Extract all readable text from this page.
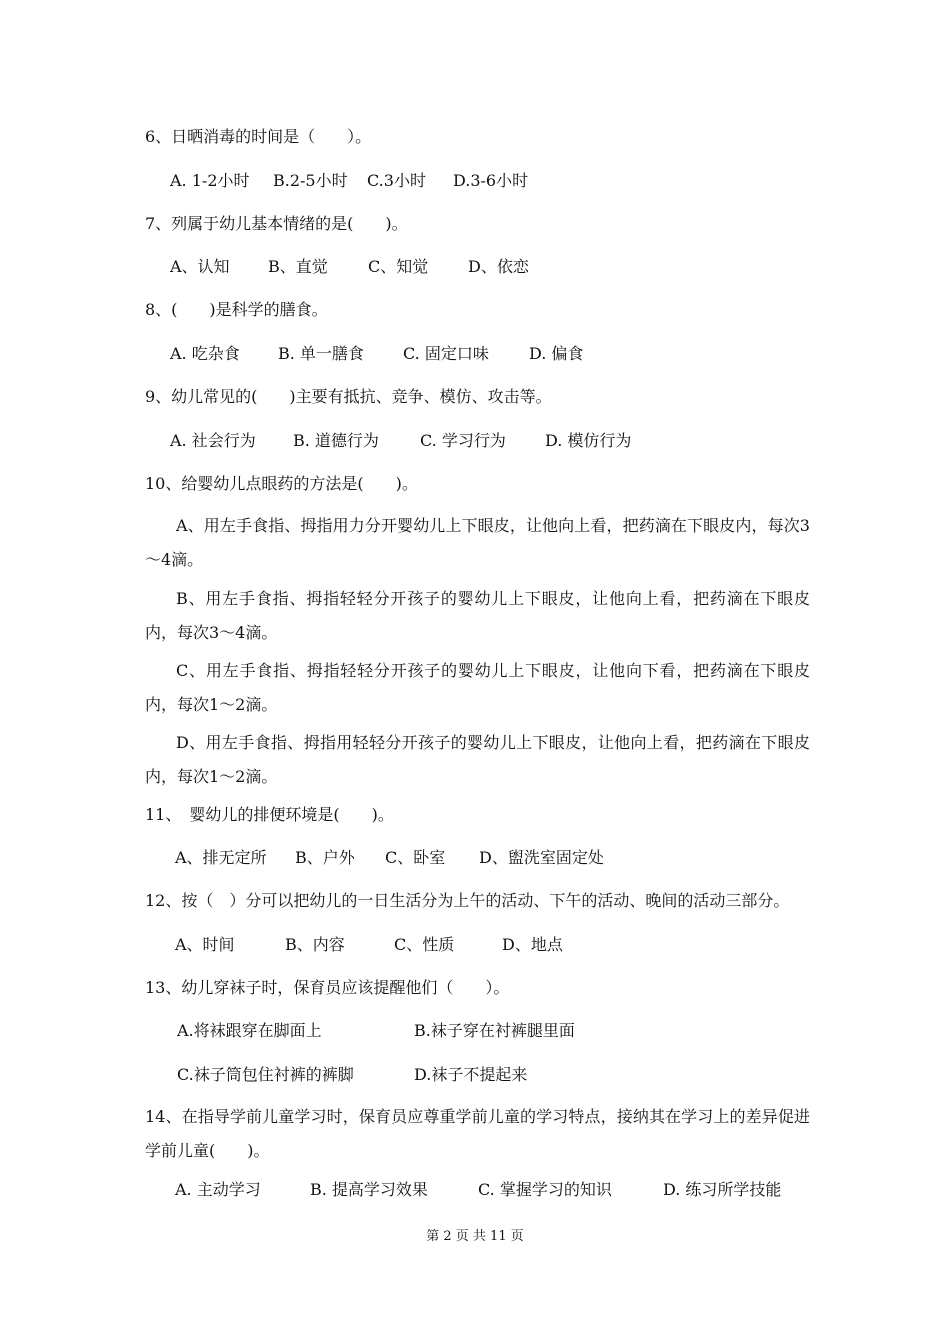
6、日晒消毒的时间是（　　）。
A. 1-2小时 B.2-5小时 C.3小时 D.3-6小时
7、列属于幼儿基本情绪的是(　　)。
A、认知 B、直觉	C、知觉 D、依恋
8、(　　)是科学的膳食。
A. 吃杂食 B. 单一膳食 C. 固定口味	D. 偏食
9、幼儿常见的(　　)主要有抵抗、竞争、模仿、攻击等。
A. 社会行为 B. 道德行为	C. 学习行为 D. 模仿行为
10、给婴幼儿点眼药的方法是(　　)。
A、用左手食指、拇指用力分开婴幼儿上下眼皮，让他向上看，把药滴在下眼皮内，每次3～4滴。
B、用左手食指、拇指轻轻分开孩子的婴幼儿上下眼皮，让他向上看，把药滴在下眼皮内，每次3～4滴。
C、用左手食指、拇指轻轻分开孩子的婴幼儿上下眼皮，让他向下看，把药滴在下眼皮内，每次1～2滴。
D、用左手食指、拇指用轻轻分开孩子的婴幼儿上下眼皮，让他向上看，把药滴在下眼皮内，每次1～2滴。
11、　婴幼儿的排便环境是(　　)。
A、排无定所 B、户外 C、卧室 D、盥洗室固定处
12、按（　）分可以把幼儿的一日生活分为上午的活动、下午的活动、晚间的活动三部分。
A、时间	B、内容	C、性质	D、地点
13、幼儿穿袜子时，保育员应该提醒他们（　　）。
A.将袜跟穿在脚面上	B.袜子穿在衬裤腿里面
C.袜子筒包住衬裤的裤脚	D.袜子不提起来
14、在指导学前儿童学习时，保育员应尊重学前儿童的学习特点，接纳其在学习上的差异促进学前儿童(　　)。
A. 主动学习	B. 提高学习效果	C. 掌握学习的知识	D. 练习所学技能
第 2 页 共 11 页
